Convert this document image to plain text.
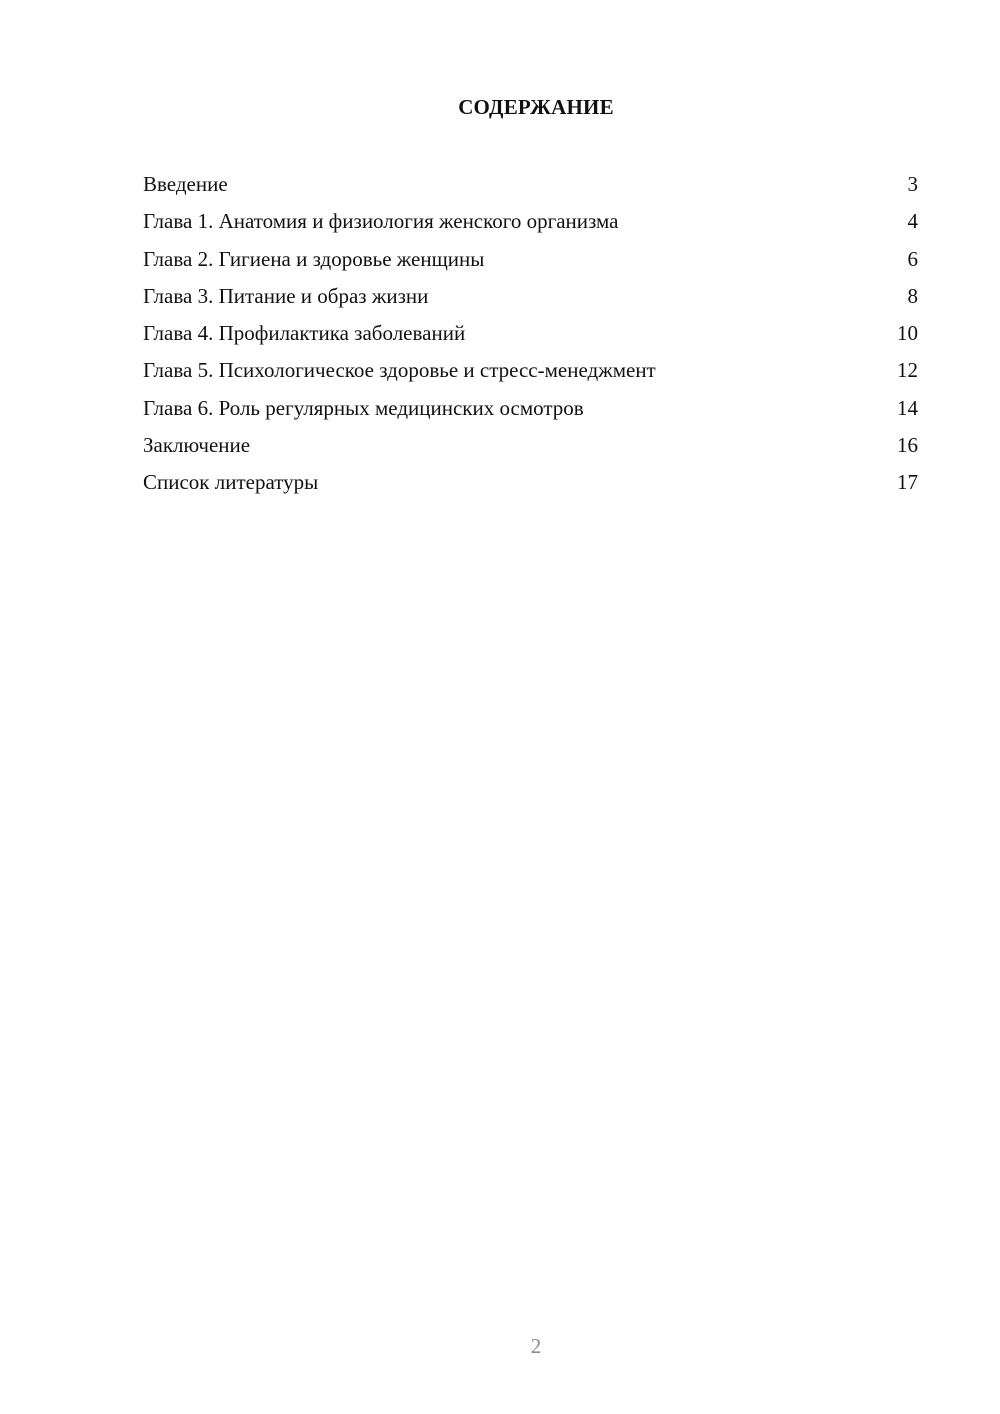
СОДЕРЖАНИЕ
Введение	3
Глава 1. Анатомия и физиология женского организма	4
Глава 2. Гигиена и здоровье женщины	6
Глава 3. Питание и образ жизни	8
Глава 4. Профилактика заболеваний	10
Глава 5. Психологическое здоровье и стресс-менеджмент	12
Глава 6. Роль регулярных медицинских осмотров	14
Заключение	16
Список литературы	17
2
